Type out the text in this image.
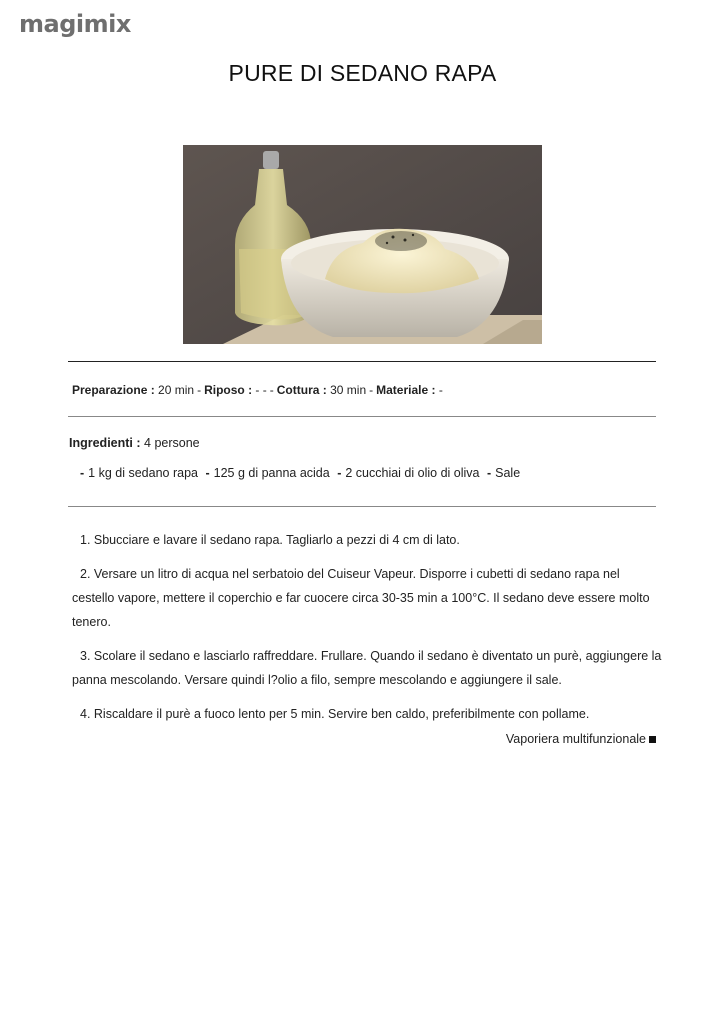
magimix
PURE DI SEDANO RAPA
Preparazione : 20 min - Riposo : - - - Cottura : 30 min - Materiale : -
Ingredienti : 4 persone
- 1 kg di sedano rapa - 125 g di panna acida - 2 cucchiai di olio di oliva - Sale

1. Sbucciare e lavare il sedano rapa. Tagliarlo a pezzi di 4 cm di lato.

2. Versare un litro di acqua nel serbatoio del Cuiseur Vapeur. Disporre i cubetti di sedano rapa nel cestello vapore, mettere il coperchio e far cuocere circa 30-35 min a 100°C. Il sedano deve essere molto tenero.

3. Scolare il sedano e lasciarlo raffreddare. Frullare. Quando il sedano è diventato un purè, aggiungere la panna mescolando. Versare quindi l?olio a filo, sempre mescolando e aggiungere il sale.

4. Riscaldare il purè a fuoco lento per 5 min. Servire ben caldo, preferibilmente con pollame.

Vaporiera multifunzionale
